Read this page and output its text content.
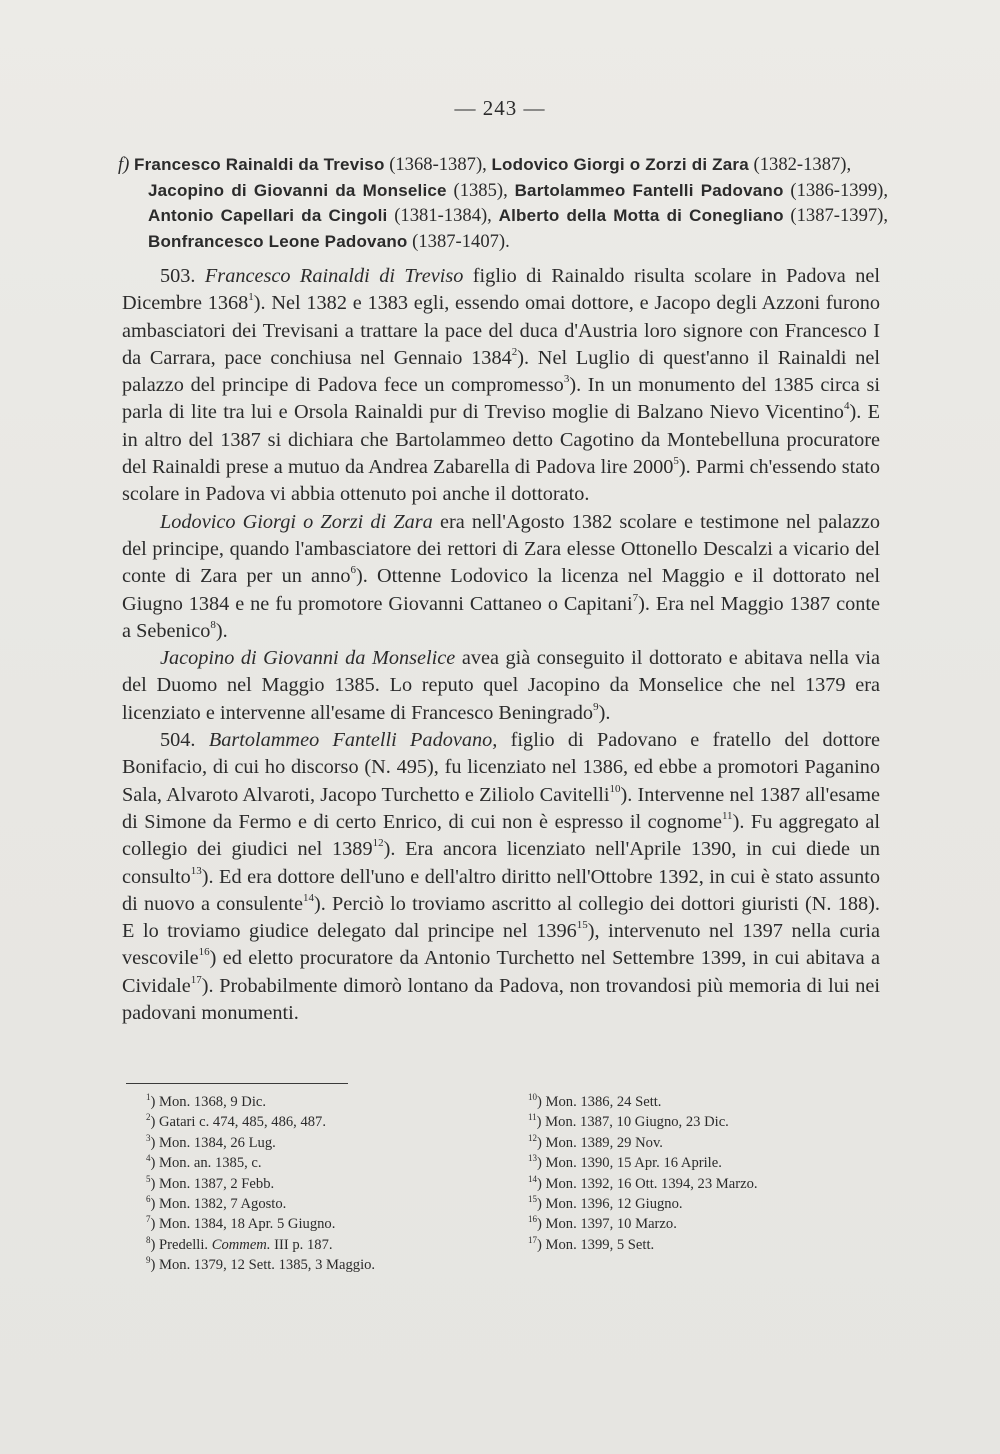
— 243 —

f) Francesco Rainaldi da Treviso (1368-1387), Lodovico Giorgi o Zorzi di Zara (1382-1387),

Jacopino di Giovanni da Monselice (1385), Bartolammeo Fantelli Padovano (1386-1399), Antonio Capellari da Cingoli (1381-1384), Alberto della Motta di Conegliano (1387-1397), Bonfrancesco Leone Padovano (1387-1407).

503. Francesco Rainaldi di Treviso figlio di Rainaldo risulta scolare in Padova nel Dicembre 1368$^1$). Nel 1382 e 1383 egli, essendo omai dottore, e Jacopo degli Azzoni furono ambasciatori dei Trevisani a trattare la pace del duca d'Austria loro signore con Francesco I da Carrara, pace conchiusa nel Gennaio 1384$^2$). Nel Luglio di quest'anno il Rainaldi nel palazzo del principe di Padova fece un compromesso$^3$). In un monumento del 1385 circa si parla di lite tra lui e Orsola Rainaldi pur di Treviso moglie di Balzano Nievo Vicentino$^4$). E in altro del 1387 si dichiara che Bartolammeo detto Cagotino da Montebelluna procuratore del Rainaldi prese a mutuo da Andrea Zabarella di Padova lire 2000$^5$). Parmi ch'essendo stato scolare in Padova vi abbia ottenuto poi anche il dottorato.

Lodovico Giorgi o Zorzi di Zara era nell'Agosto 1382 scolare e testimone nel palazzo del principe, quando l'ambasciatore dei rettori di Zara elesse Ottonello Descalzi a vicario del conte di Zara per un anno$^6$). Ottenne Lodovico la licenza nel Maggio e il dottorato nel Giugno 1384 e ne fu promotore Giovanni Cattaneo o Capitani$^7$). Era nel Maggio 1387 conte a Sebenico$^8$).

Jacopino di Giovanni da Monselice avea già conseguito il dottorato e abitava nella via del Duomo nel Maggio 1385. Lo reputo quel Jacopino da Monselice che nel 1379 era licenziato e intervenne all'esame di Francesco Beningrado$^9$).

504. Bartolammeo Fantelli Padovano, figlio di Padovano e fratello del dottore Bonifacio, di cui ho discorso (N. 495), fu licenziato nel 1386, ed ebbe a promotori Paganino Sala, Alvaroto Alvaroti, Jacopo Turchetto e Ziliolo Cavitelli$^{10}$). Intervenne nel 1387 all'esame di Simone da Fermo e di certo Enrico, di cui non è espresso il cognome$^{11}$). Fu aggregato al collegio dei giudici nel 1389$^{12}$). Era ancora licenziato nell'Aprile 1390, in cui diede un consulto$^{13}$). Ed era dottore dell'uno e dell'altro diritto nell'Ottobre 1392, in cui è stato assunto di nuovo a consulente$^{14}$). Perciò lo troviamo ascritto al collegio dei dottori giuristi (N. 188). E lo troviamo giudice delegato dal principe nel 1396$^{15}$), intervenuto nel 1397 nella curia vescovile$^{16}$) ed eletto procuratore da Antonio Turchetto nel Settembre 1399, in cui abitava a Cividale$^{17}$). Probabilmente dimorò lontano da Padova, non trovandosi più memoria di lui nei padovani monumenti.

$^1$) Mon. 1368, 9 Dic.
$^2$) Gatari c. 474, 485, 486, 487.
$^3$) Mon. 1384, 26 Lug.
$^4$) Mon. an. 1385, c.
$^5$) Mon. 1387, 2 Febb.
$^6$) Mon. 1382, 7 Agosto.
$^7$) Mon. 1384, 18 Apr. 5 Giugno.
$^8$) Predelli. Commem. III p. 187.
$^9$) Mon. 1379, 12 Sett. 1385, 3 Maggio.
$^{10}$) Mon. 1386, 24 Sett.
$^{11}$) Mon. 1387, 10 Giugno, 23 Dic.
$^{12}$) Mon. 1389, 29 Nov.
$^{13}$) Mon. 1390, 15 Apr. 16 Aprile.
$^{14}$) Mon. 1392, 16 Ott. 1394, 23 Marzo.
$^{15}$) Mon. 1396, 12 Giugno.
$^{16}$) Mon. 1397, 10 Marzo.
$^{17}$) Mon. 1399, 5 Sett.
